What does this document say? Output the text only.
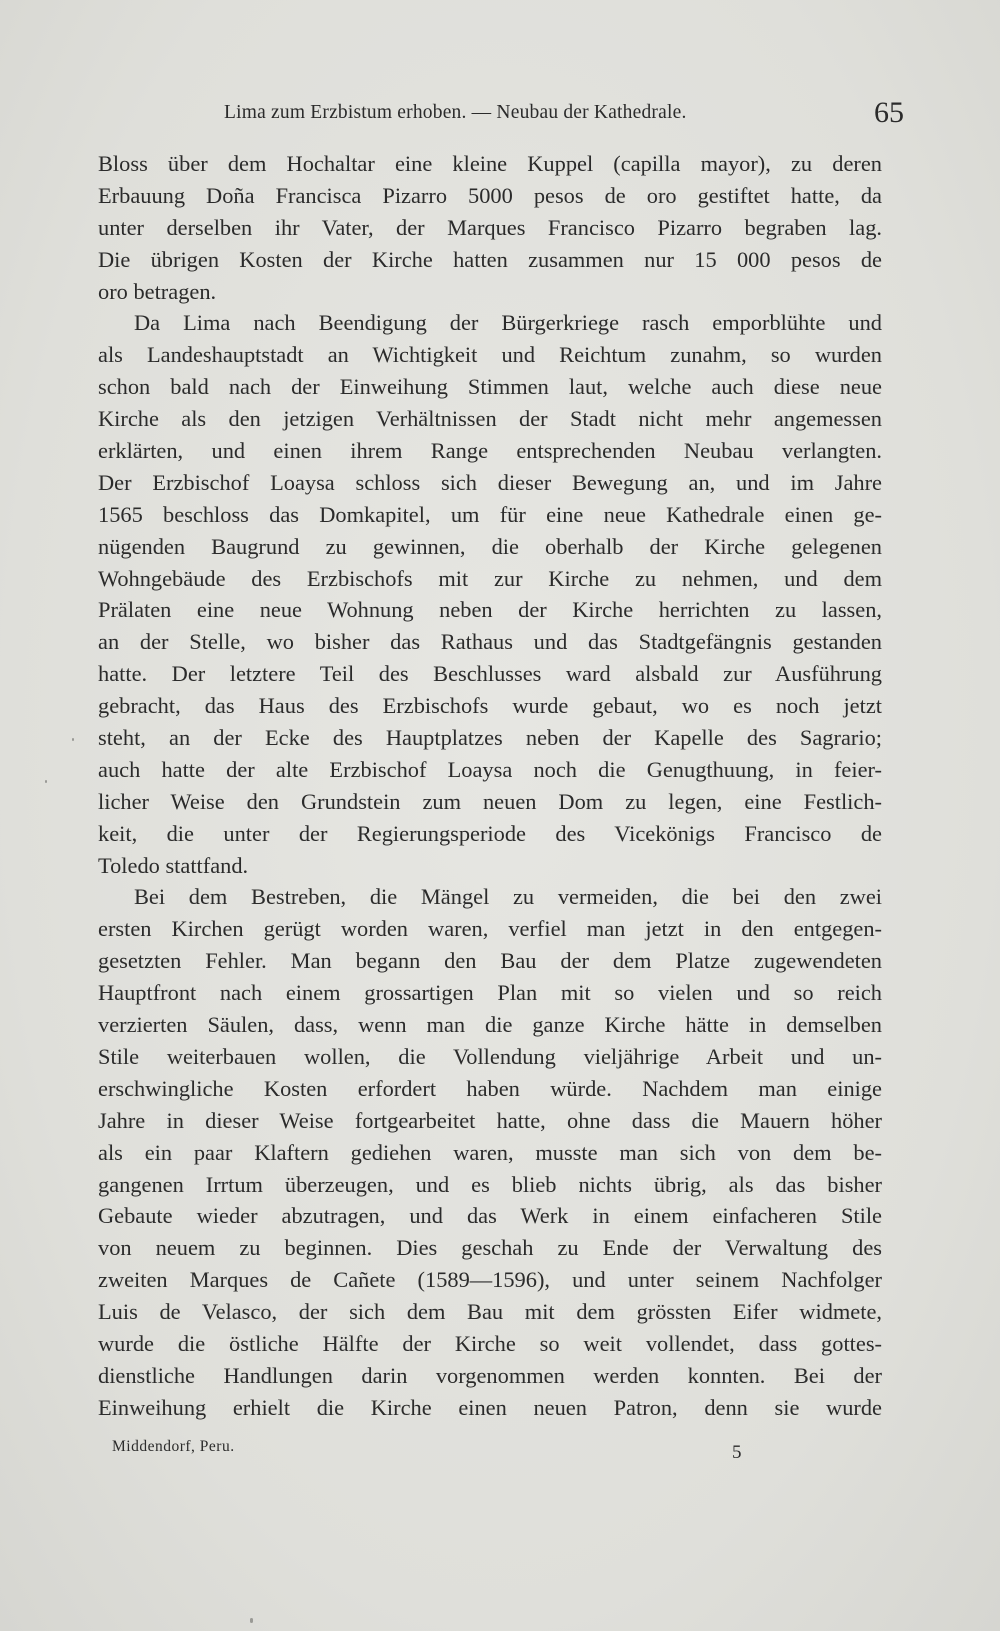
Lima zum Erzbistum erhoben. — Neubau der Kathedrale.	65
Bloss über dem Hochaltar eine kleine Kuppel (capilla mayor), zu deren
Erbauung Doña Francisca Pizarro 5000 pesos de oro gestiftet hatte, da
unter derselben ihr Vater, der Marques Francisco Pizarro begraben lag.
Die übrigen Kosten der Kirche hatten zusammen nur 15 000 pesos de
oro betragen.
Da Lima nach Beendigung der Bürgerkriege rasch emporblühte und
als Landeshauptstadt an Wichtigkeit und Reichtum zunahm, so wurden
schon bald nach der Einweihung Stimmen laut, welche auch diese neue
Kirche als den jetzigen Verhältnissen der Stadt nicht mehr angemessen
erklärten, und einen ihrem Range entsprechenden Neubau verlangten.
Der Erzbischof Loaysa schloss sich dieser Bewegung an, und im Jahre
1565 beschloss das Domkapitel, um für eine neue Kathedrale einen ge-
nügenden Baugrund zu gewinnen, die oberhalb der Kirche gelegenen
Wohngebäude des Erzbischofs mit zur Kirche zu nehmen, und dem
Prälaten eine neue Wohnung neben der Kirche herrichten zu lassen,
an der Stelle, wo bisher das Rathaus und das Stadtgefängnis gestanden
hatte. Der letztere Teil des Beschlusses ward alsbald zur Ausführung
gebracht, das Haus des Erzbischofs wurde gebaut, wo es noch jetzt
steht, an der Ecke des Hauptplatzes neben der Kapelle des Sagrario;
auch hatte der alte Erzbischof Loaysa noch die Genugthuung, in feier-
licher Weise den Grundstein zum neuen Dom zu legen, eine Festlich-
keit, die unter der Regierungsperiode des Vicekönigs Francisco de
Toledo stattfand.
Bei dem Bestreben, die Mängel zu vermeiden, die bei den zwei
ersten Kirchen gerügt worden waren, verfiel man jetzt in den entgegen-
gesetzten Fehler. Man begann den Bau der dem Platze zugewendeten
Hauptfront nach einem grossartigen Plan mit so vielen und so reich
verzierten Säulen, dass, wenn man die ganze Kirche hätte in demselben
Stile weiterbauen wollen, die Vollendung vieljährige Arbeit und un-
erschwingliche Kosten erfordert haben würde. Nachdem man einige
Jahre in dieser Weise fortgearbeitet hatte, ohne dass die Mauern höher
als ein paar Klaftern gediehen waren, musste man sich von dem be-
gangenen Irrtum überzeugen, und es blieb nichts übrig, als das bisher
Gebaute wieder abzutragen, und das Werk in einem einfacheren Stile
von neuem zu beginnen. Dies geschah zu Ende der Verwaltung des
zweiten Marques de Cañete (1589—1596), und unter seinem Nachfolger
Luis de Velasco, der sich dem Bau mit dem grössten Eifer widmete,
wurde die östliche Hälfte der Kirche so weit vollendet, dass gottes-
dienstliche Handlungen darin vorgenommen werden konnten. Bei der
Einweihung erhielt die Kirche einen neuen Patron, denn sie wurde
Middendorf, Peru.	5
